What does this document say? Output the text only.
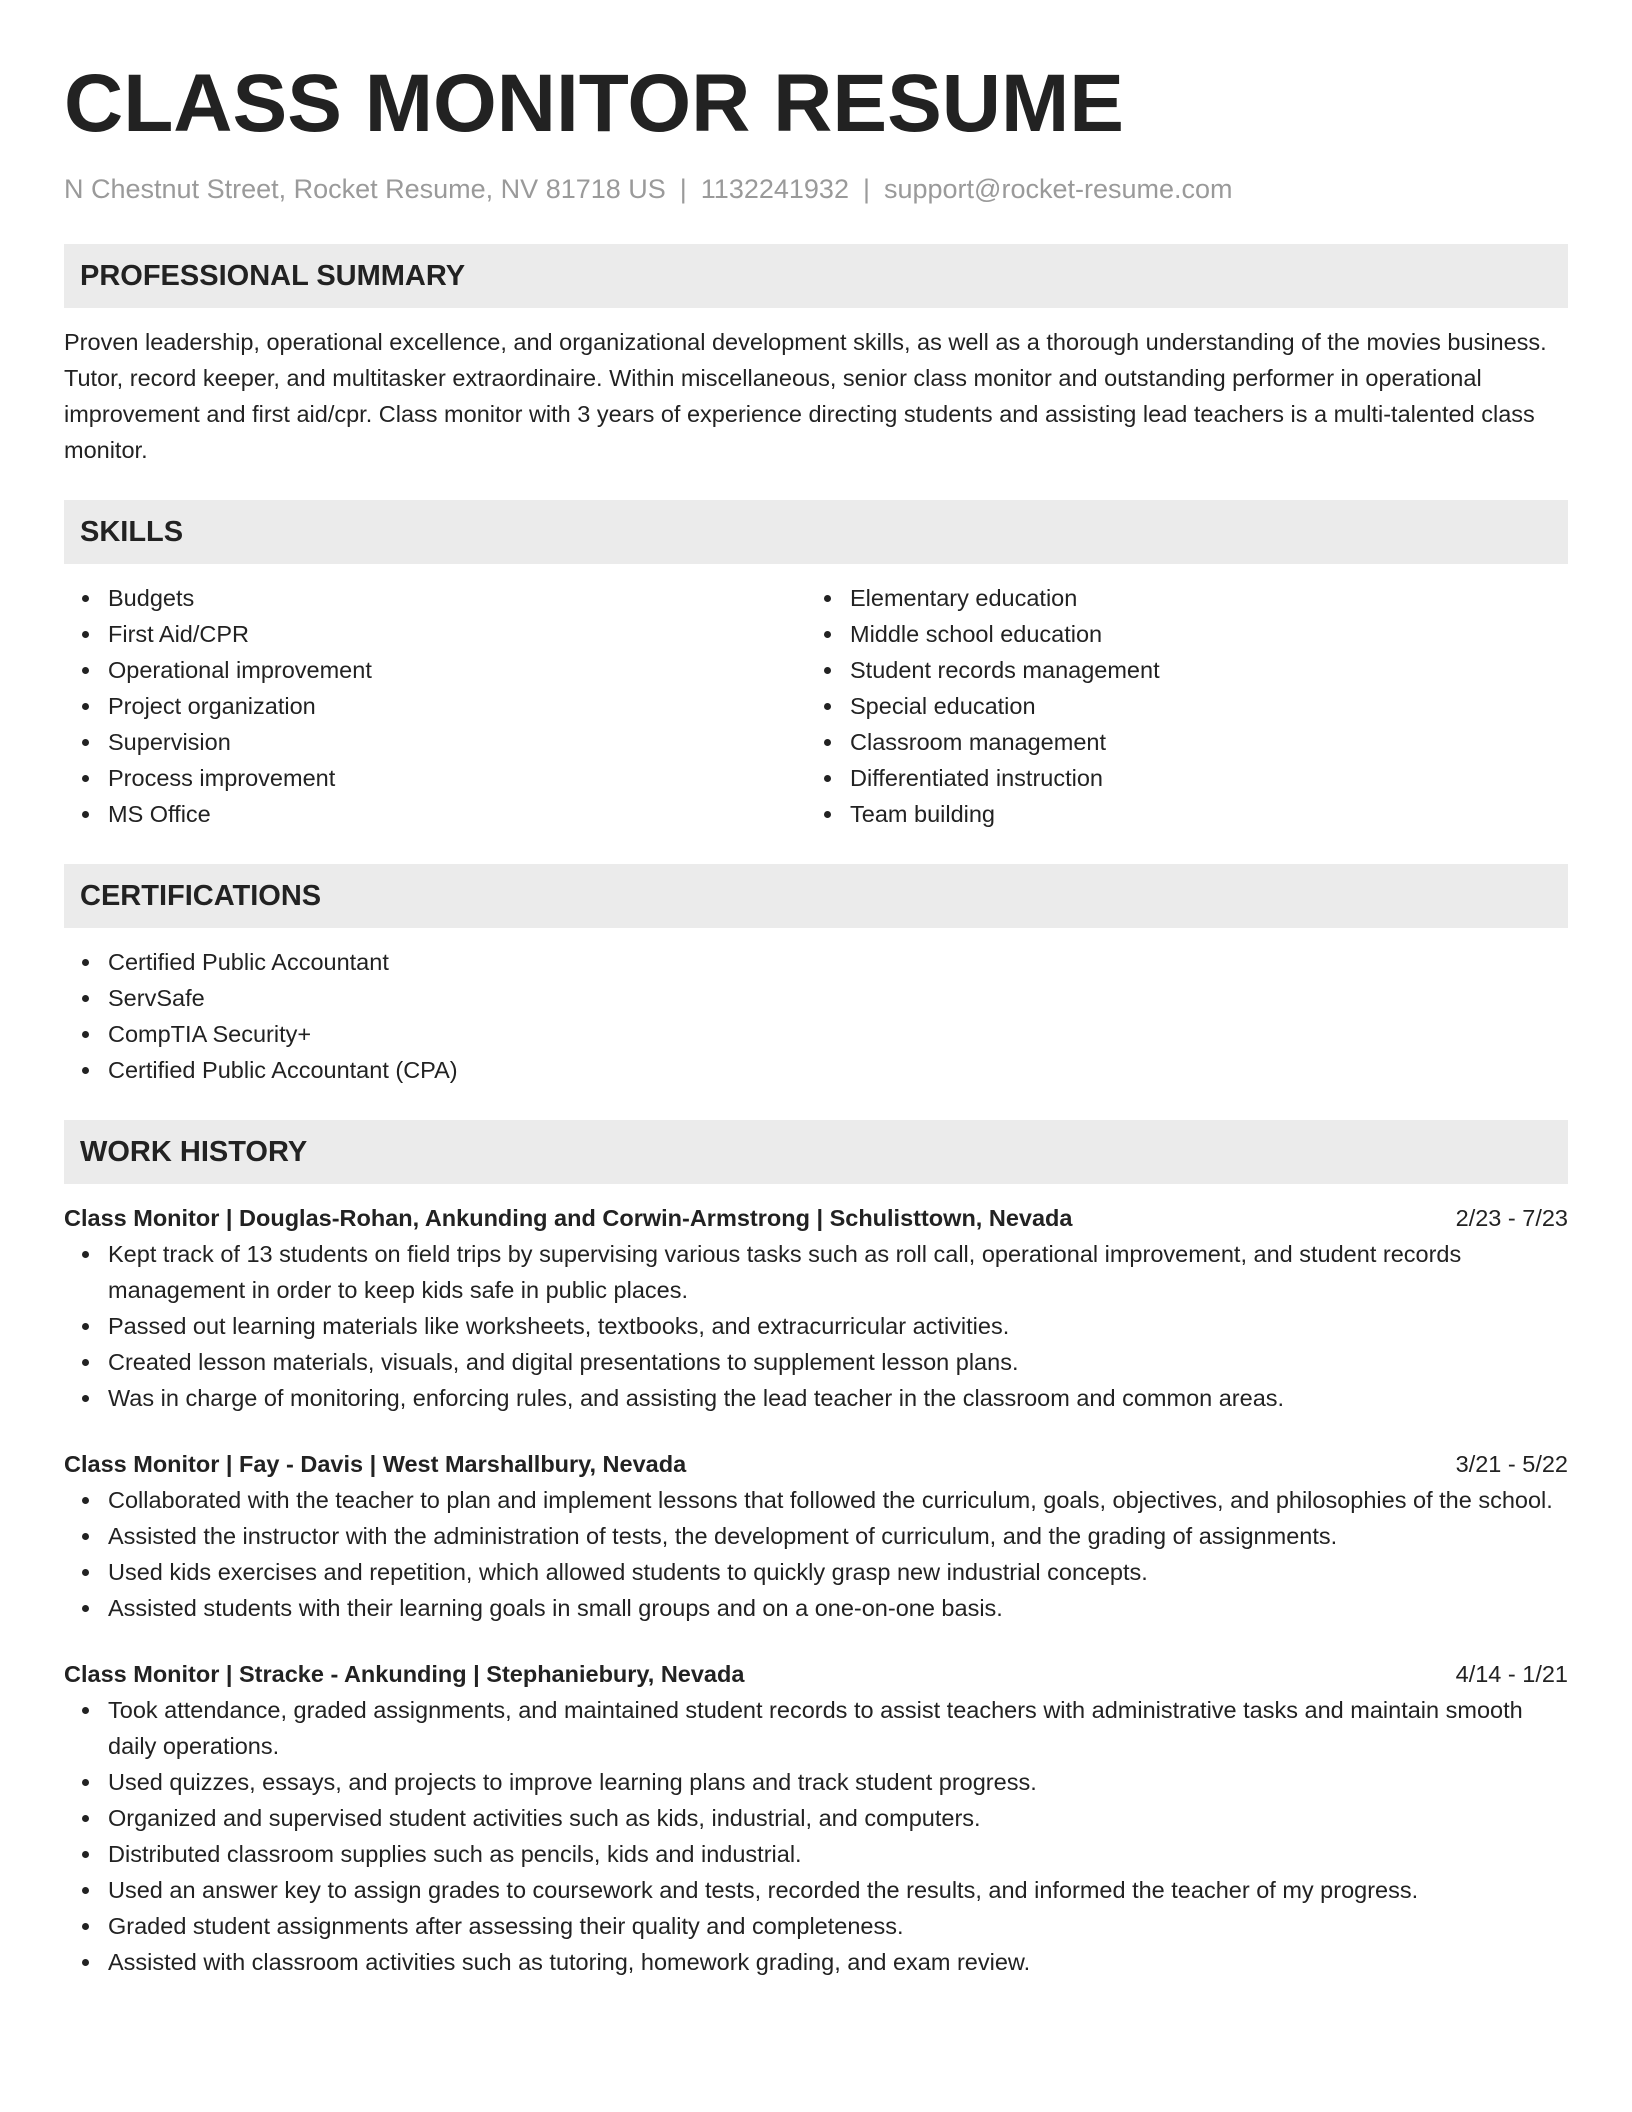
CLASS MONITOR RESUME
N Chestnut Street, Rocket Resume, NV 81718 US | 1132241932 | support@rocket-resume.com
PROFESSIONAL SUMMARY

Proven leadership, operational excellence, and organizational development skills, as well as a thorough understanding of the movies business. Tutor, record keeper, and multitasker extraordinaire. Within miscellaneous, senior class monitor and outstanding performer in operational improvement and first aid/cpr. Class monitor with 3 years of experience directing students and assisting lead teachers is a multi-talented class monitor.

SKILLS
Budgets
First Aid/CPR
Operational improvement
Project organization
Supervision
Process improvement
MS Office
Elementary education
Middle school education
Student records management
Special education
Classroom management
Differentiated instruction
Team building
CERTIFICATIONS
Certified Public Accountant
ServSafe
CompTIA Security+
Certified Public Accountant (CPA)
WORK HISTORY
Class Monitor | Douglas-Rohan, Ankunding and Corwin-Armstrong | Schulisttown, Nevada	2/23 - 7/23
Kept track of 13 students on field trips by supervising various tasks such as roll call, operational improvement, and student records management in order to keep kids safe in public places.
Passed out learning materials like worksheets, textbooks, and extracurricular activities.
Created lesson materials, visuals, and digital presentations to supplement lesson plans.
Was in charge of monitoring, enforcing rules, and assisting the lead teacher in the classroom and common areas.
Class Monitor | Fay - Davis | West Marshallbury, Nevada	3/21 - 5/22
Collaborated with the teacher to plan and implement lessons that followed the curriculum, goals, objectives, and philosophies of the school.
Assisted the instructor with the administration of tests, the development of curriculum, and the grading of assignments.
Used kids exercises and repetition, which allowed students to quickly grasp new industrial concepts.
Assisted students with their learning goals in small groups and on a one-on-one basis.
Class Monitor | Stracke - Ankunding | Stephaniebury, Nevada	4/14 - 1/21
Took attendance, graded assignments, and maintained student records to assist teachers with administrative tasks and maintain smooth daily operations.
Used quizzes, essays, and projects to improve learning plans and track student progress.
Organized and supervised student activities such as kids, industrial, and computers.
Distributed classroom supplies such as pencils, kids and industrial.
Used an answer key to assign grades to coursework and tests, recorded the results, and informed the teacher of my progress.
Graded student assignments after assessing their quality and completeness.
Assisted with classroom activities such as tutoring, homework grading, and exam review.
